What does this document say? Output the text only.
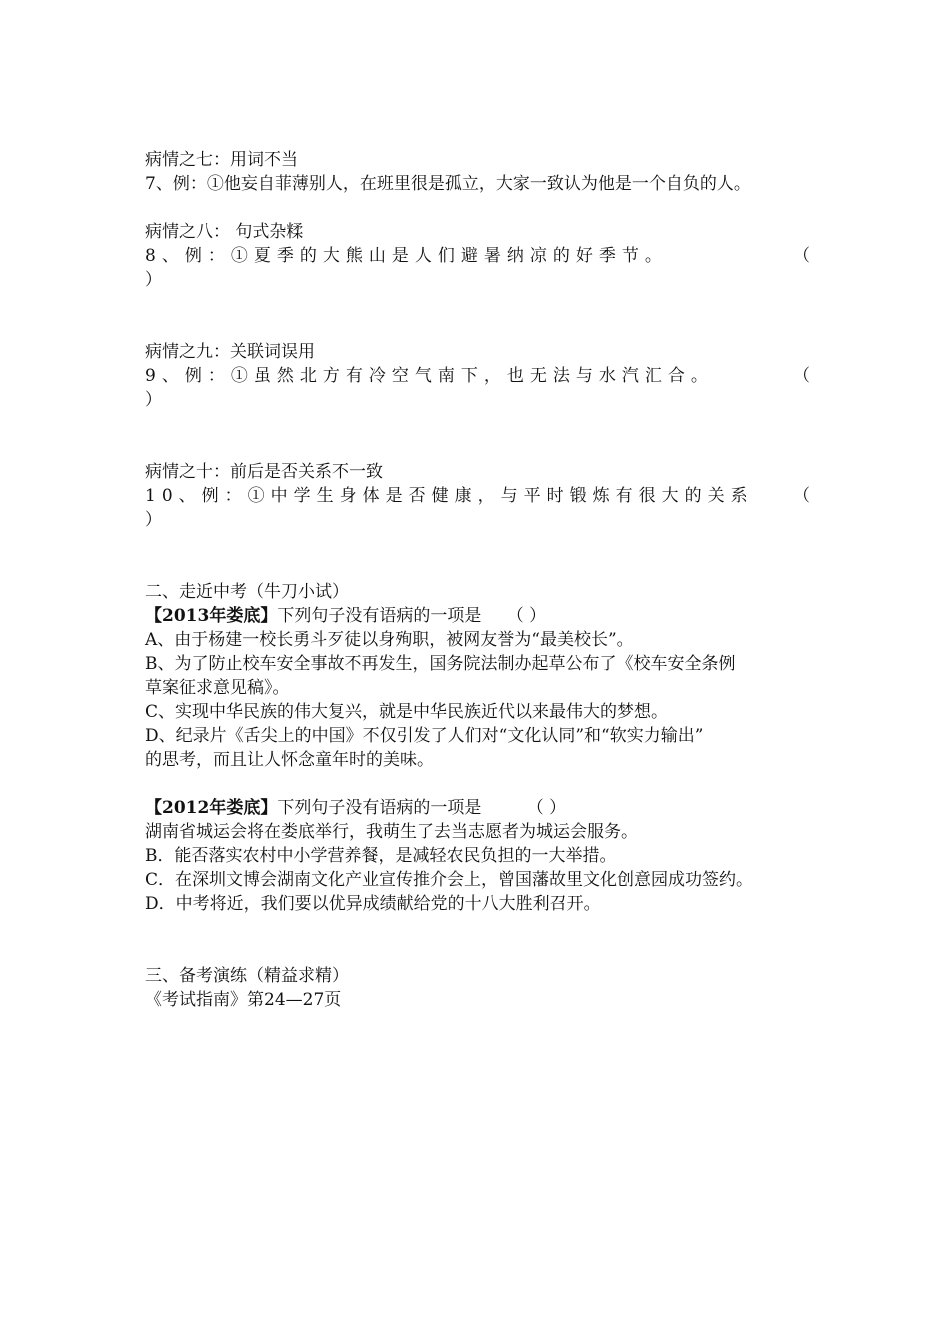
病情之七：用词不当
7、例：①他妄自菲薄别人，在班里很是孤立，大家一致认为他是一个自负的人。
病情之八： 句式杂糅
8、例：①夏季的大熊山是人们避暑纳凉的好季节。	（
）
病情之九：关联词误用
9、例：①虽然北方有冷空气南下，也无法与水汽汇合。	（
）
病情之十：前后是否关系不一致
10、例：①中学生身体是否健康，与平时锻炼有很大的关系 （
）
二、走近中考（牛刀小试）
【2013年娄底】下列句子没有语病的一项是 （ ）
A、由于杨建一校长勇斗歹徒以身殉职，被网友誉为“最美校长”。
B、为了防止校车安全事故不再发生，国务院法制办起草公布了《校车安全条例
草案征求意见稿》。
C、实现中华民族的伟大复兴，就是中华民族近代以来最伟大的梦想。
D、纪录片《舌尖上的中国》不仅引发了人们对“文化认同”和“软实力输出”
的思考，而且让人怀念童年时的美味。
【2012年娄底】下列句子没有语病的一项是	（ ）
湖南省城运会将在娄底举行，我萌生了去当志愿者为城运会服务。
B．能否落实农村中小学营养餐，是减轻农民负担的一大举措。
C．在深圳文博会湖南文化产业宣传推介会上，曾国藩故里文化创意园成功签约。
D．中考将近，我们要以优异成绩献给党的十八大胜利召开。
三、备考演练（精益求精）
《考试指南》第24—27页
